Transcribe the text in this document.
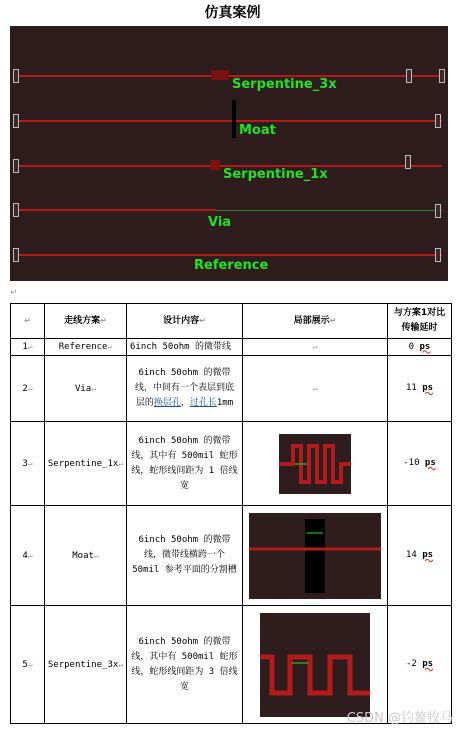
仿真案例
Serpentine_3x
Moat
Serpentine_1x
Via
Reference
↵
↵	走线方案↵	设计内容↵	局部展示↵	与方案1对比传输延时
1↵	Reference↵	6inch 50ohm 的微带线	↵	0 ps
2↵	Via↵	6inch 50ohm 的微带线，中间有一个表层到底层的换层孔，过孔长1mm	↵	11 ps
3↵	Serpentine_1x↵	6inch 50ohm 的微带线，其中有 500mil 蛇形线，蛇形线间距为 1 倍线宽		-10 ps
4↵	Moat↵	6inch 50ohm 的微带线，微带线横跨一个 50mil 参考平面的分割槽		14 ps
5↵	Serpentine_3x↵	6inch 50ohm 的微带线，其中有 500mil 蛇形线，蛇形线间距为 3 倍线宽		-2 ps
CSDN @钓鳌牧马
